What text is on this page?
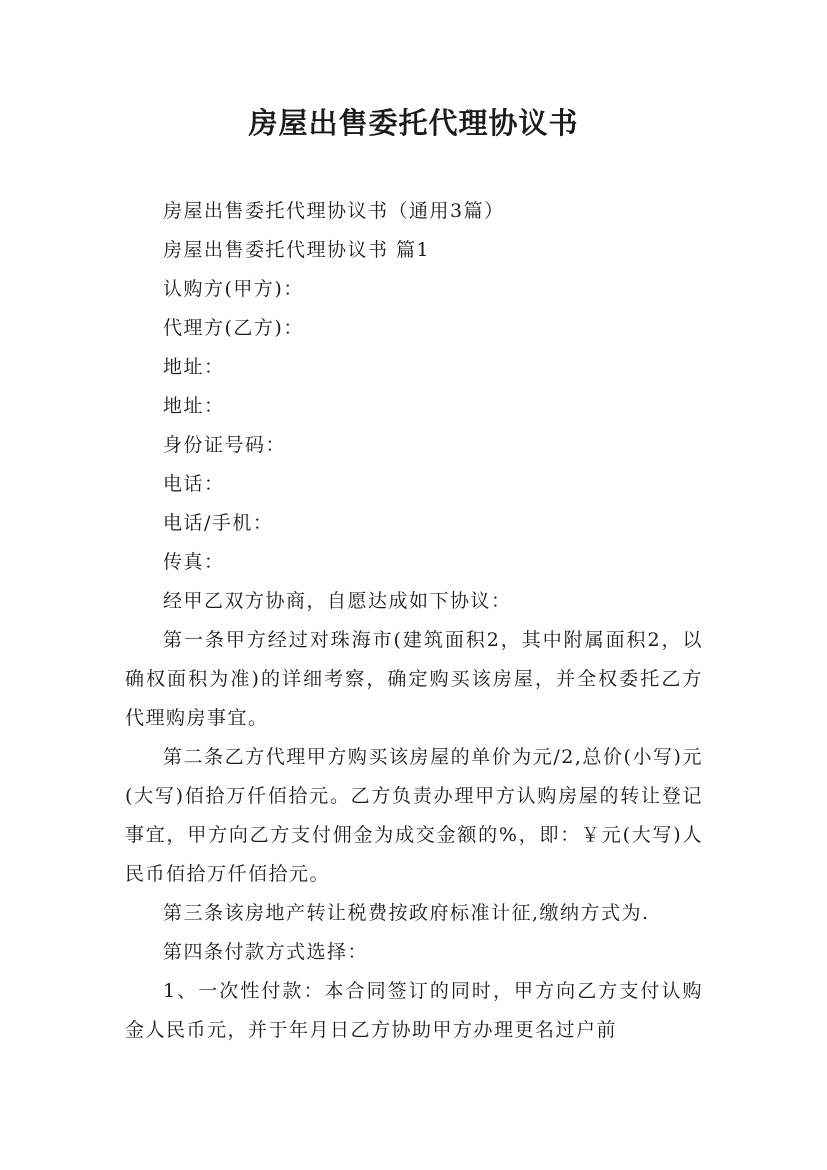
房屋出售委托代理协议书

房屋出售委托代理协议书（通用3篇）

房屋出售委托代理协议书 篇1

认购方(甲方)：

代理方(乙方)：

地址：

地址：

身份证号码：

电话：

电话/手机：

传真：

经甲乙双方协商，自愿达成如下协议：

第一条甲方经过对珠海市(建筑面积2，其中附属面积2，以确权面积为准)的详细考察，确定购买该房屋，并全权委托乙方代理购房事宜。

第二条乙方代理甲方购买该房屋的单价为元/2,总价(小写)元(大写)佰拾万仟佰拾元。乙方负责办理甲方认购房屋的转让登记事宜，甲方向乙方支付佣金为成交金额的%，即：￥元(大写)人民币佰拾万仟佰拾元。

第三条该房地产转让税费按政府标准计征,缴纳方式为.

第四条付款方式选择：

1、一次性付款：本合同签订的同时，甲方向乙方支付认购金人民币元，并于年月日乙方协助甲方办理更名过户前
